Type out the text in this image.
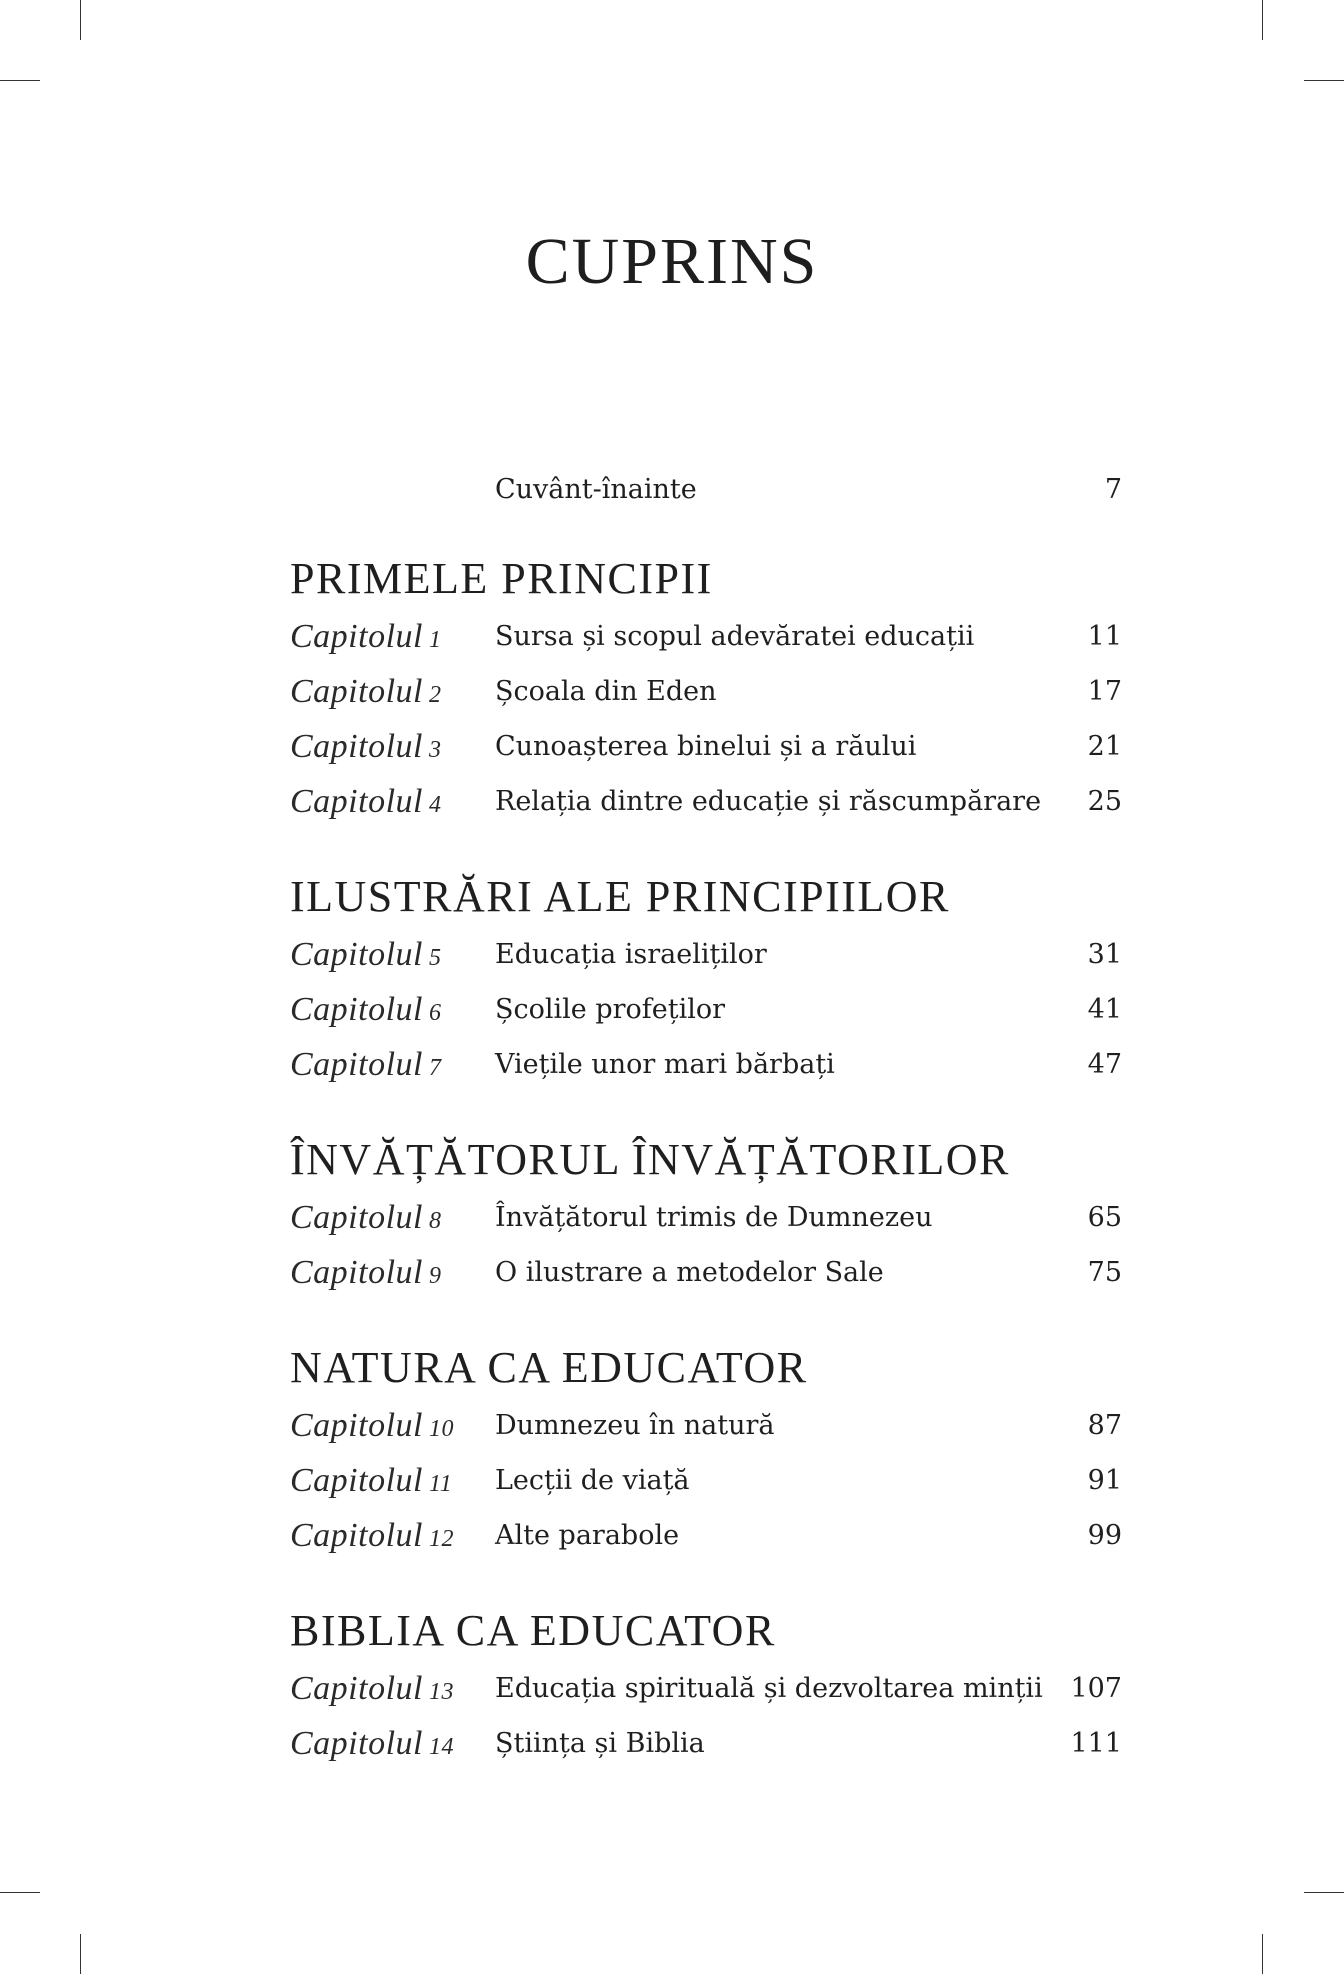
CUPRINS
Cuvânt-înainte	7
PRIMELE PRINCIPII
Capitolul 1	Sursa și scopul adevăratei educații	11
Capitolul 2	Școala din Eden	17
Capitolul 3	Cunoașterea binelui și a răului	21
Capitolul 4	Relația dintre educație și răscumpărare 25
ILUSTRĂRI ALE PRINCIPIILOR
Capitolul 5	Educația israeliților	31
Capitolul 6	Școlile profeților	41
Capitolul 7	Viețile unor mari bărbați	47
ÎNVĂȚĂTORUL ÎNVĂȚĂTORILOR
Capitolul 8	Învățătorul trimis de Dumnezeu	65
Capitolul 9	O ilustrare a metodelor Sale	75
NATURA CA EDUCATOR
Capitolul 10	Dumnezeu în natură	87
Capitolul 11	Lecții de viață	91
Capitolul 12	Alte parabole	99
BIBLIA CA EDUCATOR
Capitolul 13	Educația spirituală și dezvoltarea minții 107
Capitolul 14	Știința și Biblia	111
